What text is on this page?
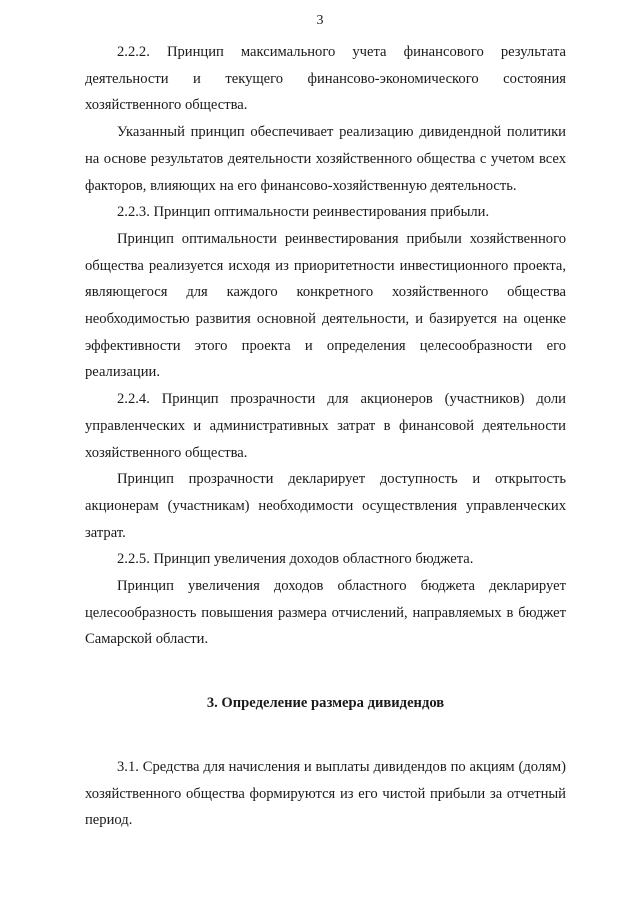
3

2.2.2. Принцип максимального учета финансового результата деятельности и текущего финансово-экономического состояния хозяйственного общества.

Указанный принцип обеспечивает реализацию дивидендной политики на основе результатов деятельности хозяйственного общества с учетом всех факторов, влияющих на его финансово-хозяйственную деятельность.

2.2.3. Принцип оптимальности реинвестирования прибыли.

Принцип оптимальности реинвестирования прибыли хозяйственного общества реализуется исходя из приоритетности инвестиционного проекта, являющегося для каждого конкретного хозяйственного общества необходимостью развития основной деятельности, и базируется на оценке эффективности этого проекта и определения целесообразности его реализации.

2.2.4. Принцип прозрачности для акционеров (участников) доли управленческих и административных затрат в финансовой деятельности хозяйственного общества.

Принцип прозрачности декларирует доступность и открытость акционерам (участникам) необходимости осуществления управленческих затрат.

2.2.5. Принцип увеличения доходов областного бюджета.

Принцип увеличения доходов областного бюджета декларирует целесообразность повышения размера отчислений, направляемых в бюджет Самарской области.

3. Определение размера дивидендов

3.1. Средства для начисления и выплаты дивидендов по акциям (долям) хозяйственного общества формируются из его чистой прибыли за отчетный период.
